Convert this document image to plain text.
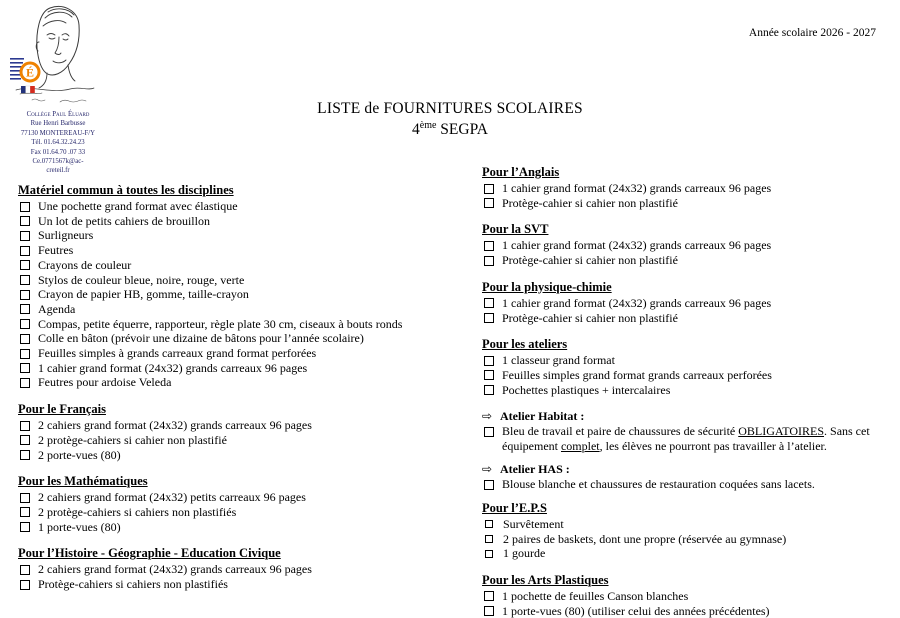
Année scolaire 2026 - 2027
É
Collège Paul Éluard
Rue Henri Barbusse
77130 MONTEREAU-F/Y
Tél. 01.64.32.24.23
Fax 01.64.70 .07 33
Ce.0771567k@ac-
creteil.fr
LISTE de FOURNITURES SCOLAIRES
4ème SEGPA
Matériel commun à toutes les disciplines
Une pochette grand format avec élastique
Un lot de petits cahiers de brouillon
Surligneurs
Feutres
Crayons de couleur
Stylos de couleur bleue, noire, rouge, verte
Crayon de papier HB, gomme, taille-crayon
Agenda
Compas, petite équerre, rapporteur, règle plate 30 cm, ciseaux à bouts ronds
Colle en bâton (prévoir une dizaine de bâtons pour l’année scolaire)
Feuilles simples à grands carreaux grand format perforées
1 cahier grand format (24x32) grands carreaux 96 pages
Feutres pour ardoise Veleda
Pour le Français
2 cahiers grand format (24x32) grands carreaux 96 pages
2 protège-cahiers si cahier non plastifié
2 porte-vues (80)
Pour les Mathématiques
2 cahiers grand format (24x32) petits carreaux 96 pages
2 protège-cahiers si cahiers non plastifiés
1 porte-vues (80)
Pour l’Histoire - Géographie - Education Civique
2 cahiers grand format (24x32) grands carreaux 96 pages
Protège-cahiers si cahiers non plastifiés
Pour l’Anglais
1 cahier grand format (24x32) grands carreaux 96 pages
Protège-cahier si cahier non plastifié
Pour la SVT
1 cahier grand format (24x32) grands carreaux 96 pages
Protège-cahier si cahier non plastifié
Pour la physique-chimie
1 cahier grand format (24x32) grands carreaux 96 pages
Protège-cahier si cahier non plastifié
Pour les ateliers
1 classeur grand format
Feuilles simples grand format grands carreaux perforées
Pochettes plastiques + intercalaires
⇨ Atelier Habitat :
Bleu de travail et paire de chaussures de sécurité OBLIGATOIRES. Sans cet équipement complet, les élèves ne pourront pas travailler à l’atelier.
⇨ Atelier HAS :
Blouse blanche et chaussures de restauration coquées sans lacets.
Pour l’E.P.S
Survêtement
2 paires de baskets, dont une propre (réservée au gymnase)
1 gourde
Pour les Arts Plastiques
1 pochette de feuilles Canson blanches
1 porte-vues (80) (utiliser celui des années précédentes)
